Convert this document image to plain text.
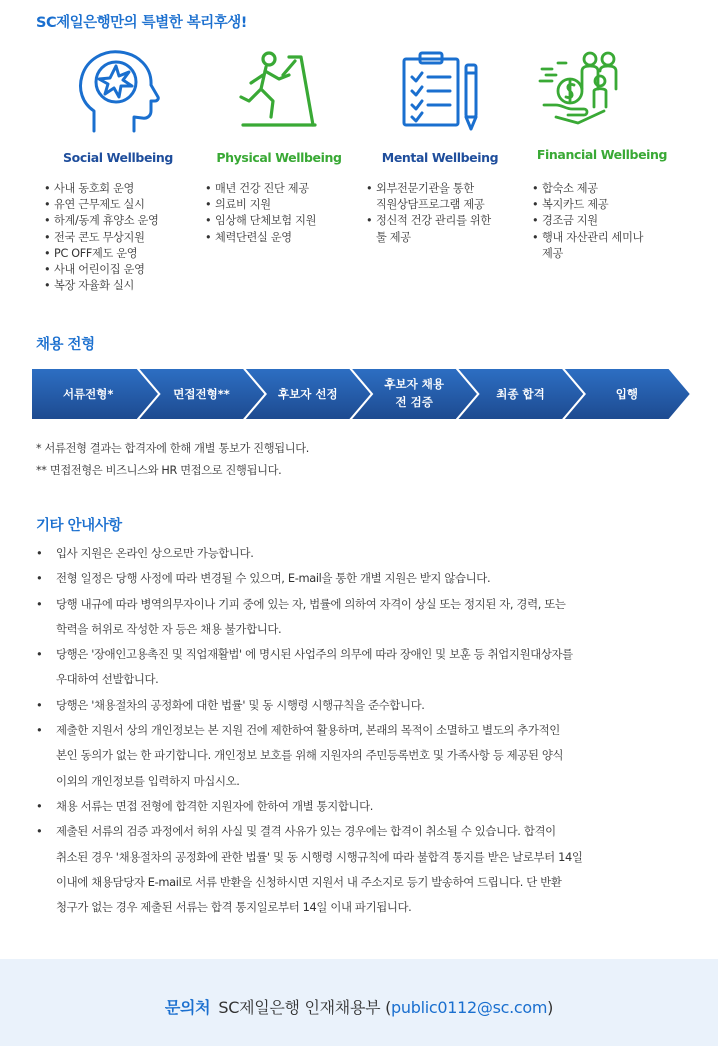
SC제일은행만의 특별한 복리후생!
Social Wellbeing
• 사내 동호회 운영
• 유연 근무제도 실시
• 하계/동계 휴양소 운영
• 전국 콘도 무상지원
• PC OFF제도 운영
• 사내 어린이집 운영
• 복장 자율화 실시
Physical Wellbeing
• 매년 건강 진단 제공
• 의료비 지원
• 임상해 단체보험 지원
• 체력단련실 운영
Mental Wellbeing
• 외부전문기관을 통한
직원상담프로그램 제공
• 정신적 건강 관리를 위한
툴 제공
Financial Wellbeing
• 합숙소 제공
• 복지카드 제공
• 경조금 지원
• 행내 자산관리 세미나
제공
채용 전형
서류전형*	면접전형**	후보자 선정
후보자 채용
전 검증
최종 합격	입행
* 서류전형 결과는 합격자에 한해 개별 통보가 진행됩니다.
** 면접전형은 비즈니스와 HR 면접으로 진행됩니다.
기타 안내사항
• 입사 지원은 온라인 상으로만 가능합니다.
• 전형 일정은 당행 사정에 따라 변경될 수 있으며, E-mail을 통한 개별 지원은 받지 않습니다.
• 당행 내규에 따라 병역의무자이나 기피 중에 있는 자, 법률에 의하여 자격이 상실 또는 정지된 자, 경력, 또는
학력을 허위로 작성한 자 등은 채용 불가합니다.
• 당행은 '장애인고용촉진 및 직업재활법' 에 명시된 사업주의 의무에 따라 장애인 및 보훈 등 취업지원대상자를
우대하여 선발합니다.
• 당행은 '채용절차의 공정화에 대한 법률' 및 동 시행령 시행규칙을 준수합니다.
• 제출한 지원서 상의 개인정보는 본 지원 건에 제한하여 활용하며, 본래의 목적이 소멸하고 별도의 추가적인
본인 동의가 없는 한 파기합니다. 개인정보 보호를 위해 지원자의 주민등록번호 및 가족사항 등 제공된 양식
이외의 개인정보를 입력하지 마십시오.
• 채용 서류는 면접 전형에 합격한 지원자에 한하여 개별 통지합니다.
• 제출된 서류의 검증 과정에서 허위 사실 및 결격 사유가 있는 경우에는 합격이 취소될 수 있습니다. 합격이
취소된 경우 '채용절차의 공정화에 관한 법률' 및 동 시행령 시행규칙에 따라 불합격 통지를 받은 날로부터 14일
이내에 채용담당자 E-mail로 서류 반환을 신청하시면 지원서 내 주소지로 등기 발송하여 드립니다. 단 반환
청구가 없는 경우 제출된 서류는 합격 통지일로부터 14일 이내 파기됩니다.
문의처 SC제일은행 인재채용부 (public0112@sc.com)
